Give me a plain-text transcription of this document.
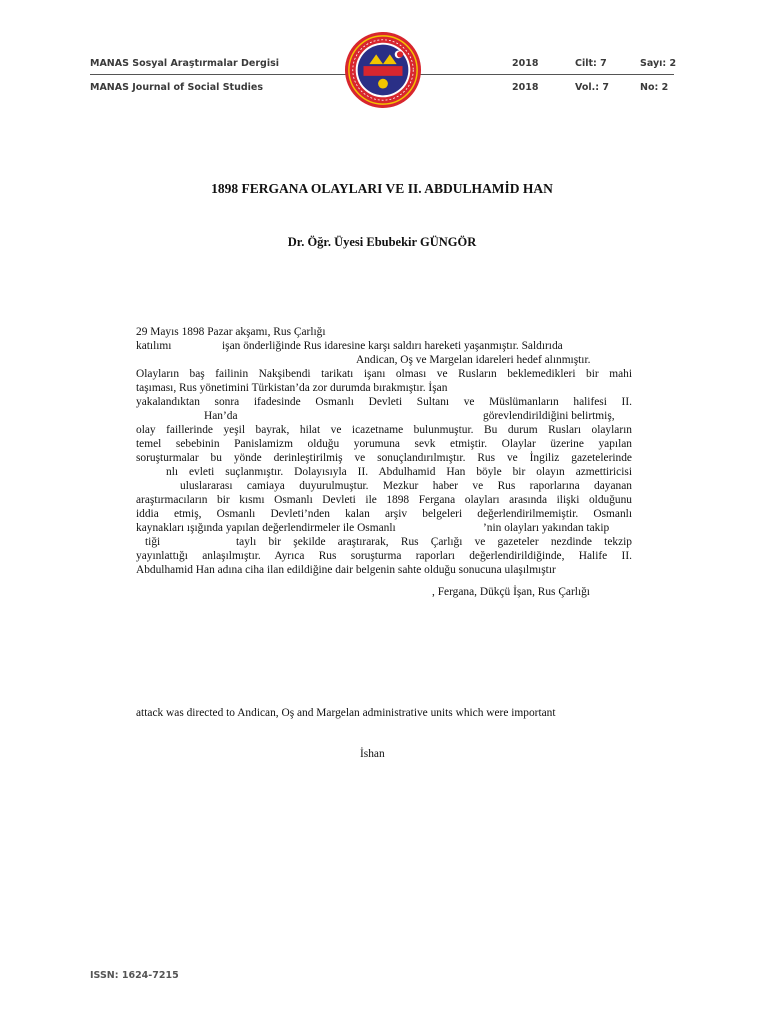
MANAS Sosyal Araştırmalar Dergisi	2018	Cilt: 7	Sayı: 2
MANAS Journal of Social Studies	2018	Vol.: 7	No: 2
1898 FERGANA OLAYLARI VE II. ABDULHAMİD HAN
Dr. Öğr. Üyesi Ebubekir GÜNGÖR
29 Mayıs 1898 Pazar akşamı, Rus Çarlığı
katılımı	işan önderliğinde Rus idaresine karşı saldırı hareketi yaşanmıştır. Saldırıda
Andican, Oş ve Margelan idareleri hedef alınmıştır.
Olayların baş failinin Nakşibendi tarikatı işanı olması ve Rusların beklemedikleri bir mahi
taşıması, Rus yönetimini Türkistan’da zor durumda bırakmıştır. İşan
yakalandıktan sonra ifadesinde Osmanlı Devleti Sultanı ve Müslümanların halifesi II.
Han’da	görevlendirildiğini belirtmiş,
olay faillerinde yeşil bayrak, hilat ve icazetname bulunmuştur. Bu durum Rusları olayların
temel sebebinin Panislamizm olduğu yorumuna sevk etmiştir. Olaylar üzerine yapılan
soruşturmalar bu yönde derinleştirilmiş ve sonuçlandırılmıştır. Rus ve İngiliz gazetelerinde
nlı evleti suçlanmıştır. Dolayısıyla II. Abdulhamid Han böyle bir olayın azmettiricisi
uluslararası camiaya duyurulmuştur. Mezkur haber ve Rus raporlarına dayanan
araştırmacıların bir kısmı Osmanlı Devleti ile 1898 Fergana olayları arasında ilişki olduğunu
iddia etmiş, Osmanlı Devleti’nden kalan arşiv belgeleri değerlendirilmemiştir. Osmanlı
kaynakları ışığında yapılan değerlendirmeler ile Osmanlı	’nin olayları yakından takip
tiği	taylı bir şekilde araştırarak, Rus Çarlığı ve gazeteler nezdinde tekzip
yayınlattığı anlaşılmıştır. Ayrıca Rus soruşturma raporları değerlendirildiğinde, Halife II.
Abdulhamid Han adına ciha ilan edildiğine dair belgenin sahte olduğu sonucuna ulaşılmıştır
, Fergana, Dükçü İşan, Rus Çarlığı
attack was directed to Andican, Oş and Margelan administrative units which were important
İshan
ISSN: 1624-7215
